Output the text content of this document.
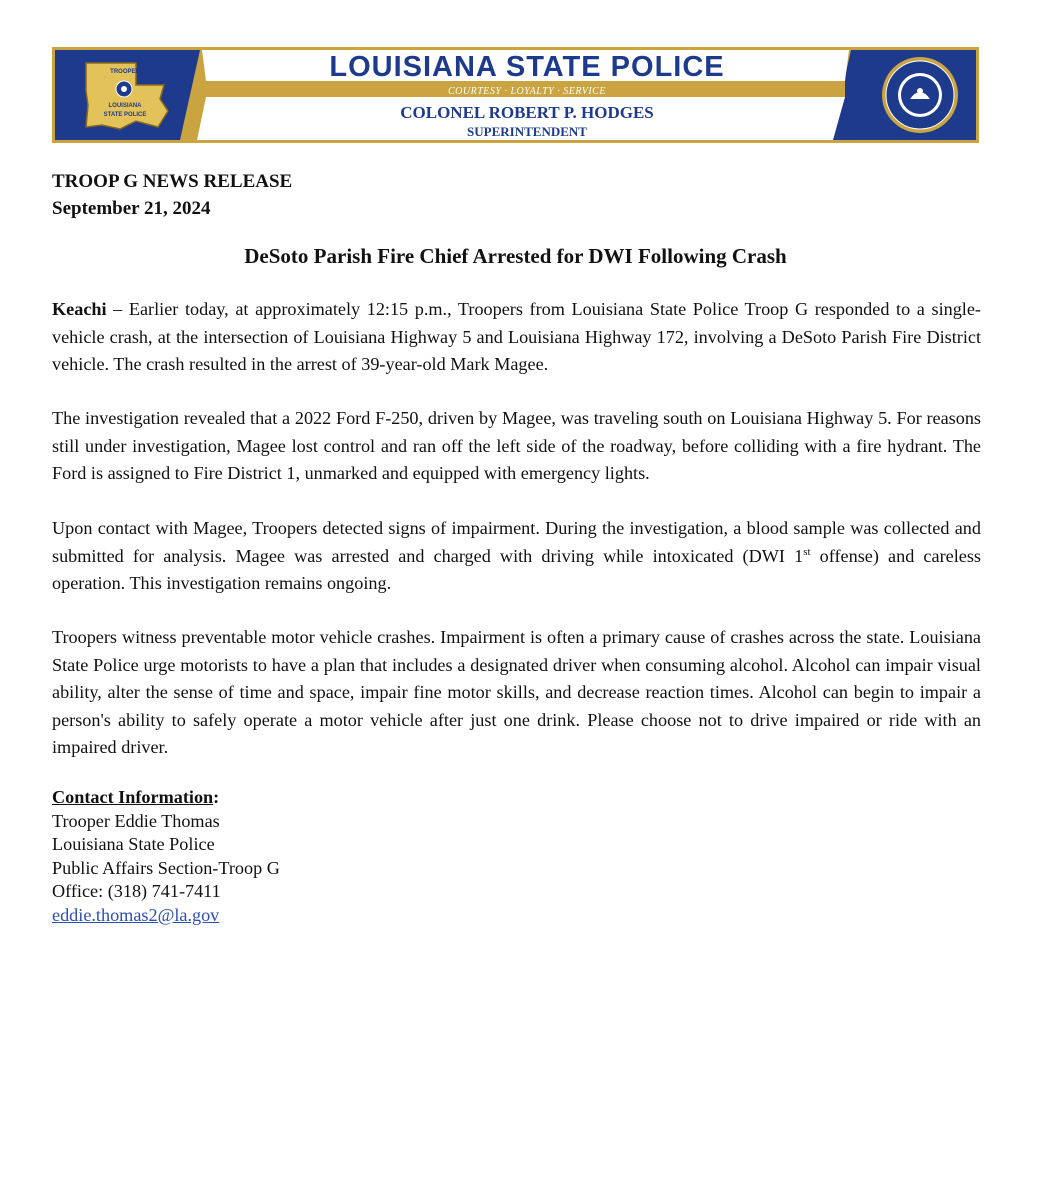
TROOPER
LOUISIANA
STATE POLICE
LOUISIANA STATE POLICE
COURTESY · LOYALTY · SERVICE
COLONEL ROBERT P. HODGES
SUPERINTENDENT
TROOP G NEWS RELEASE
September 21, 2024
DeSoto Parish Fire Chief Arrested for DWI Following Crash

Keachi – Earlier today, at approximately 12:15 p.m., Troopers from Louisiana State Police Troop G responded to a single-vehicle crash, at the intersection of Louisiana Highway 5 and Louisiana Highway 172, involving a DeSoto Parish Fire District vehicle. The crash resulted in the arrest of 39-year-old Mark Magee.

The investigation revealed that a 2022 Ford F-250, driven by Magee, was traveling south on Louisiana Highway 5. For reasons still under investigation, Magee lost control and ran off the left side of the roadway, before colliding with a fire hydrant. The Ford is assigned to Fire District 1, unmarked and equipped with emergency lights.

Upon contact with Magee, Troopers detected signs of impairment. During the investigation, a blood sample was collected and submitted for analysis. Magee was arrested and charged with driving while intoxicated (DWI 1st offense) and careless operation. This investigation remains ongoing.

Troopers witness preventable motor vehicle crashes. Impairment is often a primary cause of crashes across the state. Louisiana State Police urge motorists to have a plan that includes a designated driver when consuming alcohol. Alcohol can impair visual ability, alter the sense of time and space, impair fine motor skills, and decrease reaction times. Alcohol can begin to impair a person's ability to safely operate a motor vehicle after just one drink. Please choose not to drive impaired or ride with an impaired driver.

Contact Information:
Trooper Eddie Thomas
Louisiana State Police
Public Affairs Section-Troop G
Office: (318) 741-7411
eddie.thomas2@la.gov
